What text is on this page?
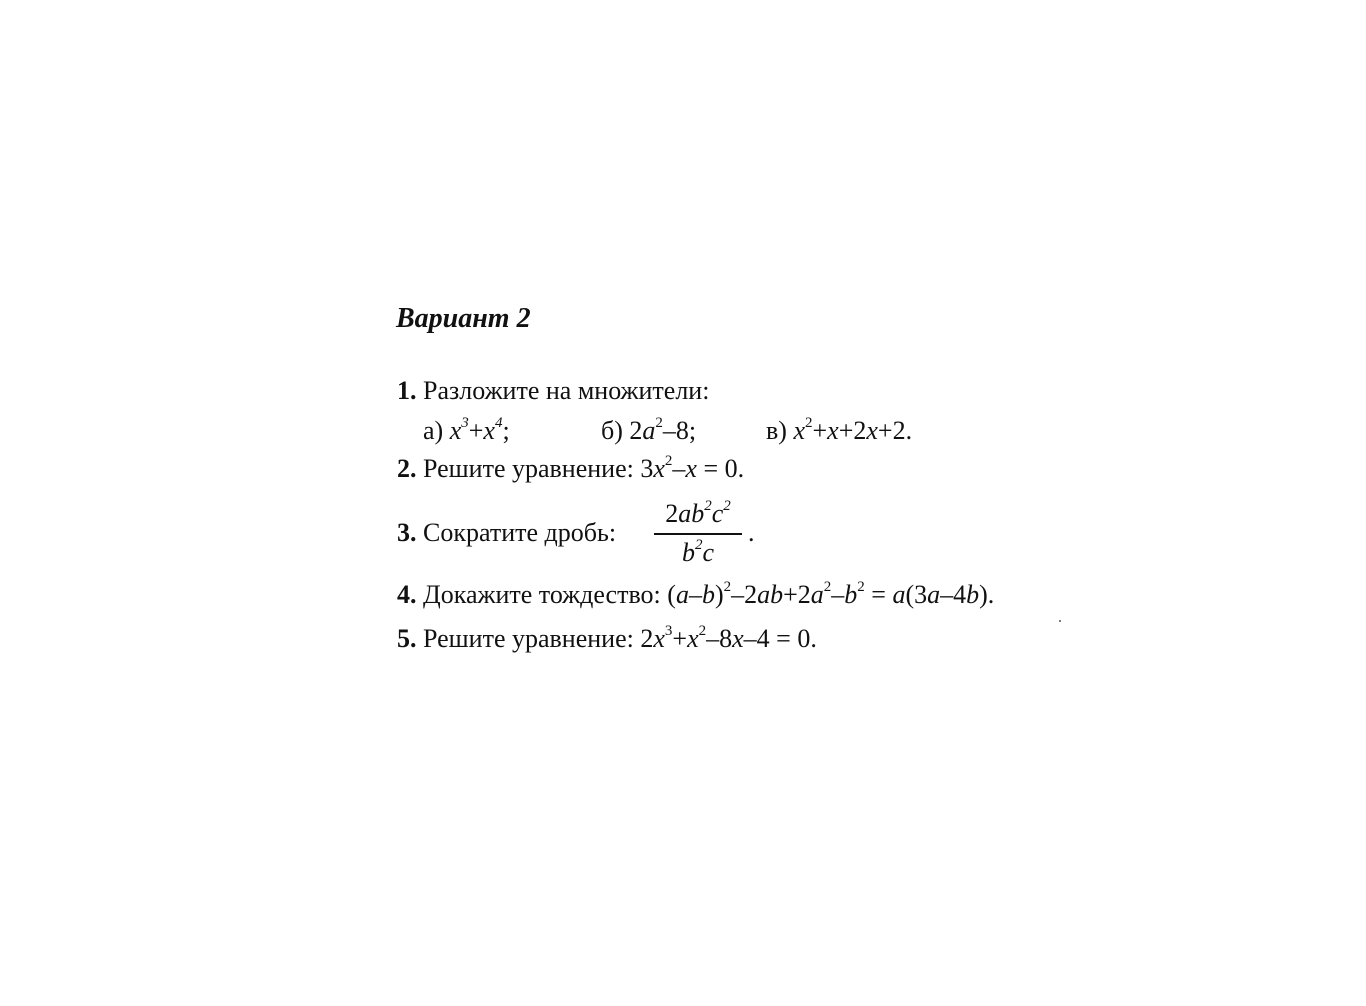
Вариант 2
1. Разложите на множители:
а) $x^3+x^4$;	б) $2a^2-8$;	в) $x^2+x+2x+2$.
2. Решите уравнение: $3x^2-x = 0$.
3. Сократите дробь:
$2ab^2c^2$
$b^2c$
.
4. Докажите тождество: $(a-b)^2-2ab+2a^2-b^2 = a(3a-4b)$.
5. Решите уравнение: $2x^3+x^2-8x-4 = 0$.
